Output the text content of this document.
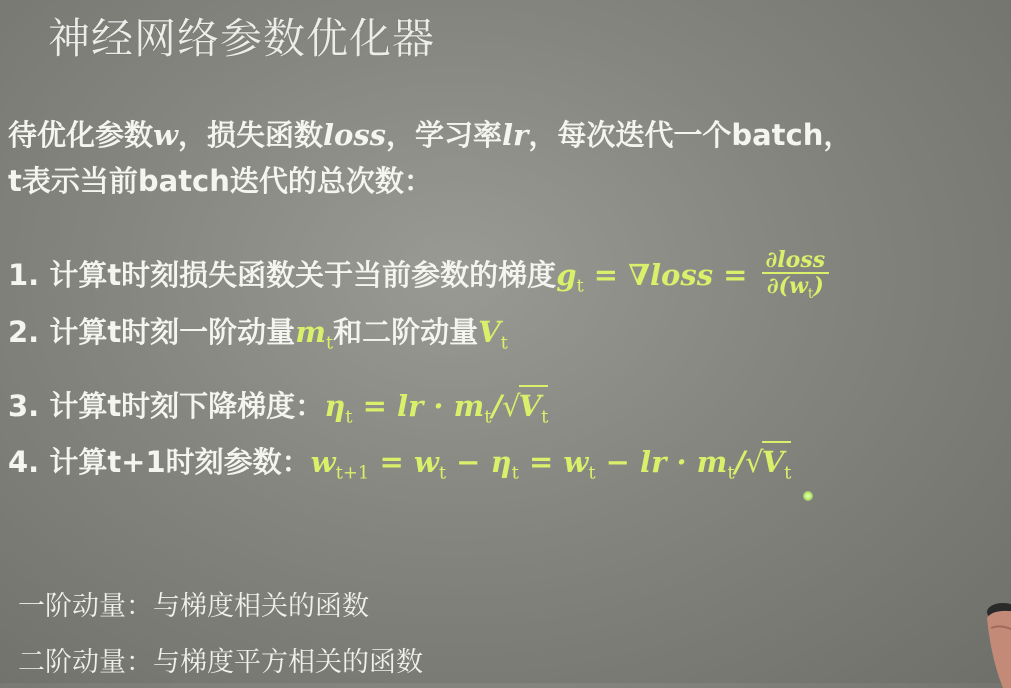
神经网络参数优化器
待优化参数w，损失函数loss，学习率lr，每次迭代一个batch，
t表示当前batch迭代的总次数：
1. 计算t时刻损失函数关于当前参数的梯度$g_t$ = ∇loss = $\frac{\text{∂loss}}{\partial(w_t)}$
2. 计算t时刻一阶动量$m_t$和二阶动量$V_t$
3. 计算t时刻下降梯度：$\eta_t$ = lr · $m_t/√V_t$
4. 计算t+1时刻参数：$w_{t+1} = w_t - \eta_t = w_t$ − lr · $m_t/√V_t$
一阶动量：与梯度相关的函数
二阶动量：与梯度平方相关的函数
